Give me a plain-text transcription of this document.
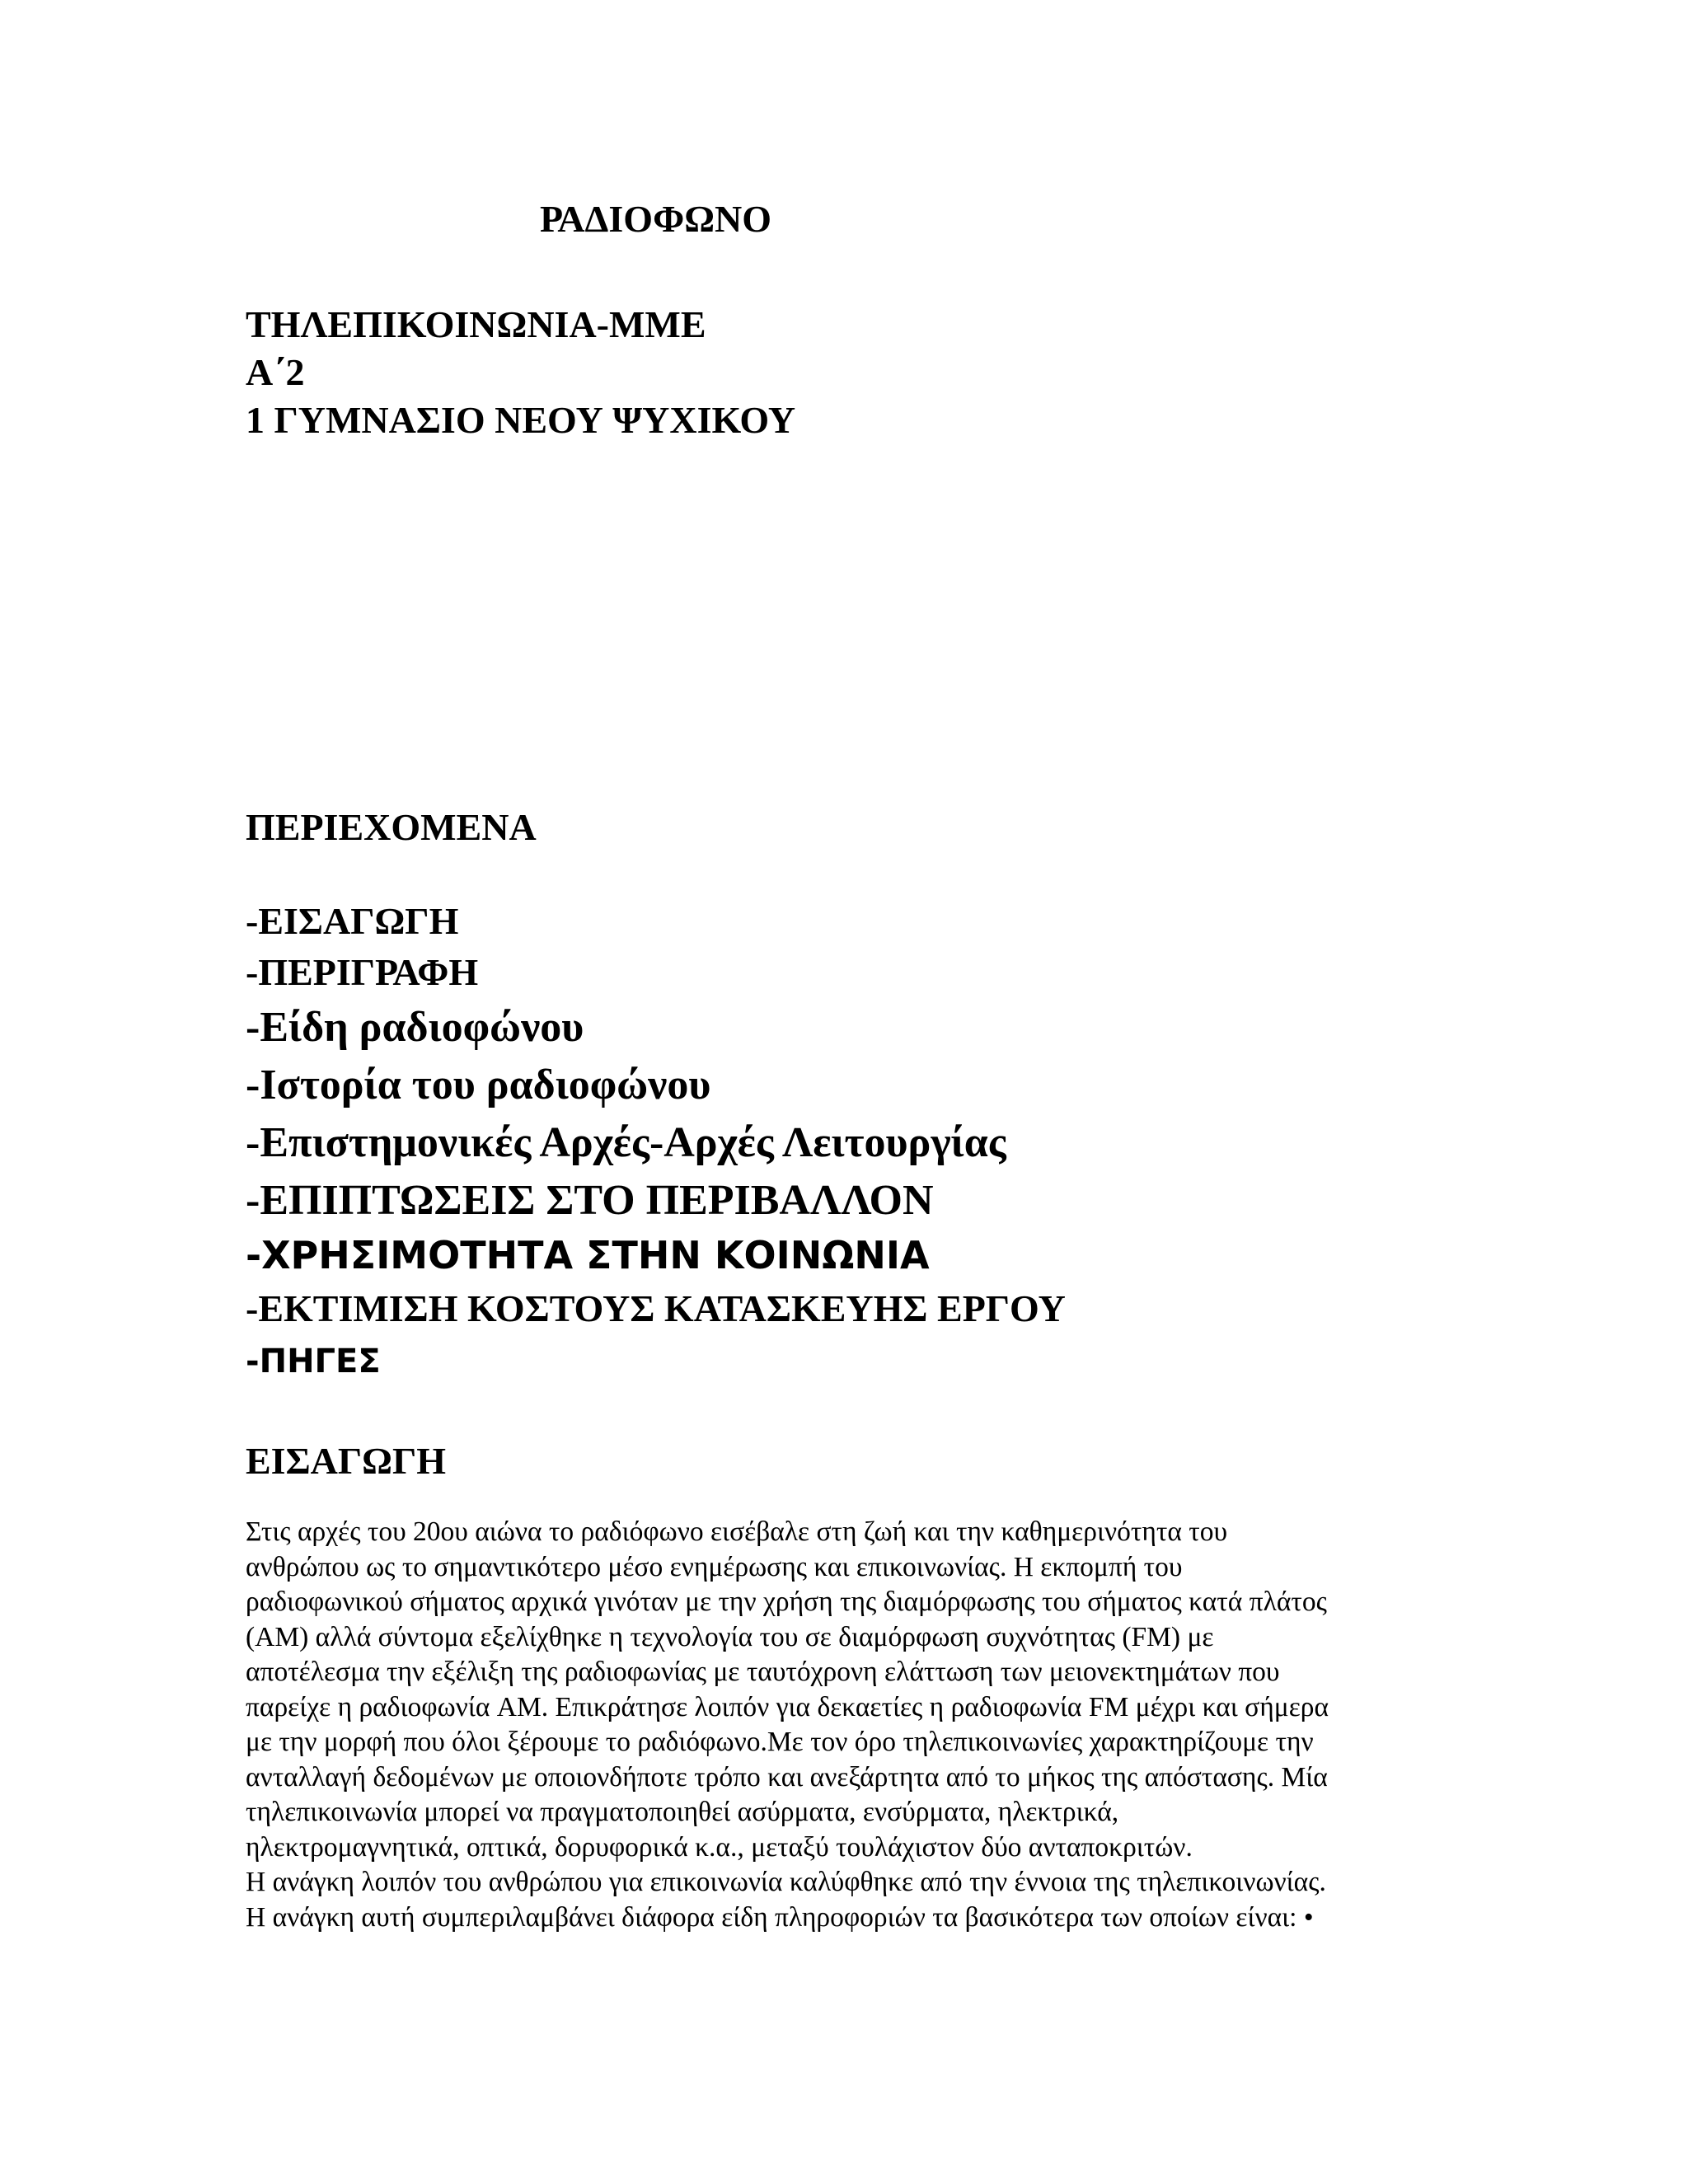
ΡΑΔΙΟΦΩΝΟ
ΤΗΛΕΠΙΚΟΙΝΩΝΙΑ-ΜΜΕ
Α΄2
1 ΓΥΜΝΑΣΙΟ ΝΕΟΥ ΨΥΧΙΚΟΥ
ΠΕΡΙΕΧΟΜΕΝΑ
-ΕΙΣΑΓΩΓΗ
-ΠΕΡΙΓΡΑΦΗ
-Είδη ραδιοφώνου
-Ιστορία του ραδιοφώνου
-Επιστημονικές Αρχές-Αρχές Λειτουργίας
-ΕΠΙΠΤΩΣΕΙΣ ΣΤΟ ΠΕΡΙΒΑΛΛΟΝ
-ΧΡΗΣΙΜΟΤΗΤΑ ΣΤΗΝ ΚΟΙΝΩΝΙΑ
-ΕΚΤΙΜΙΣΗ ΚΟΣΤΟΥΣ ΚΑΤΑΣΚΕΥΗΣ ΕΡΓΟΥ
-ΠΗΓΕΣ
ΕΙΣΑΓΩΓΗ
Στις αρχές του 20ου αιώνα το ραδιόφωνο εισέβαλε στη ζωή και την καθημερινότητα του
ανθρώπου ως το σημαντικότερο μέσο ενημέρωσης και επικοινωνίας. Η εκπομπή του
ραδιοφωνικού σήματος αρχικά γινόταν με την χρήση της διαμόρφωσης του σήματος κατά πλάτος
(AM) αλλά σύντομα εξελίχθηκε η τεχνολογία του σε διαμόρφωση συχνότητας (FM) με
αποτέλεσμα την εξέλιξη της ραδιοφωνίας με ταυτόχρονη ελάττωση των μειονεκτημάτων που
παρείχε η ραδιοφωνία AM. Επικράτησε λοιπόν για δεκαετίες η ραδιοφωνία FM μέχρι και σήμερα
με την μορφή που όλοι ξέρουμε το ραδιόφωνο.Με τον όρο τηλεπικοινωνίες χαρακτηρίζουμε την
ανταλλαγή δεδομένων με οποιονδήποτε τρόπο και ανεξάρτητα από το μήκος της απόστασης. Μία
τηλεπικοινωνία μπορεί να πραγματοποιηθεί ασύρματα, ενσύρματα, ηλεκτρικά,
ηλεκτρομαγνητικά, οπτικά, δορυφορικά κ.α., μεταξύ τουλάχιστον δύο ανταποκριτών.
Η ανάγκη λοιπόν του ανθρώπου για επικοινωνία καλύφθηκε από την έννοια της τηλεπικοινωνίας.
Η ανάγκη αυτή συμπεριλαμβάνει διάφορα είδη πληροφοριών τα βασικότερα των οποίων είναι: •
